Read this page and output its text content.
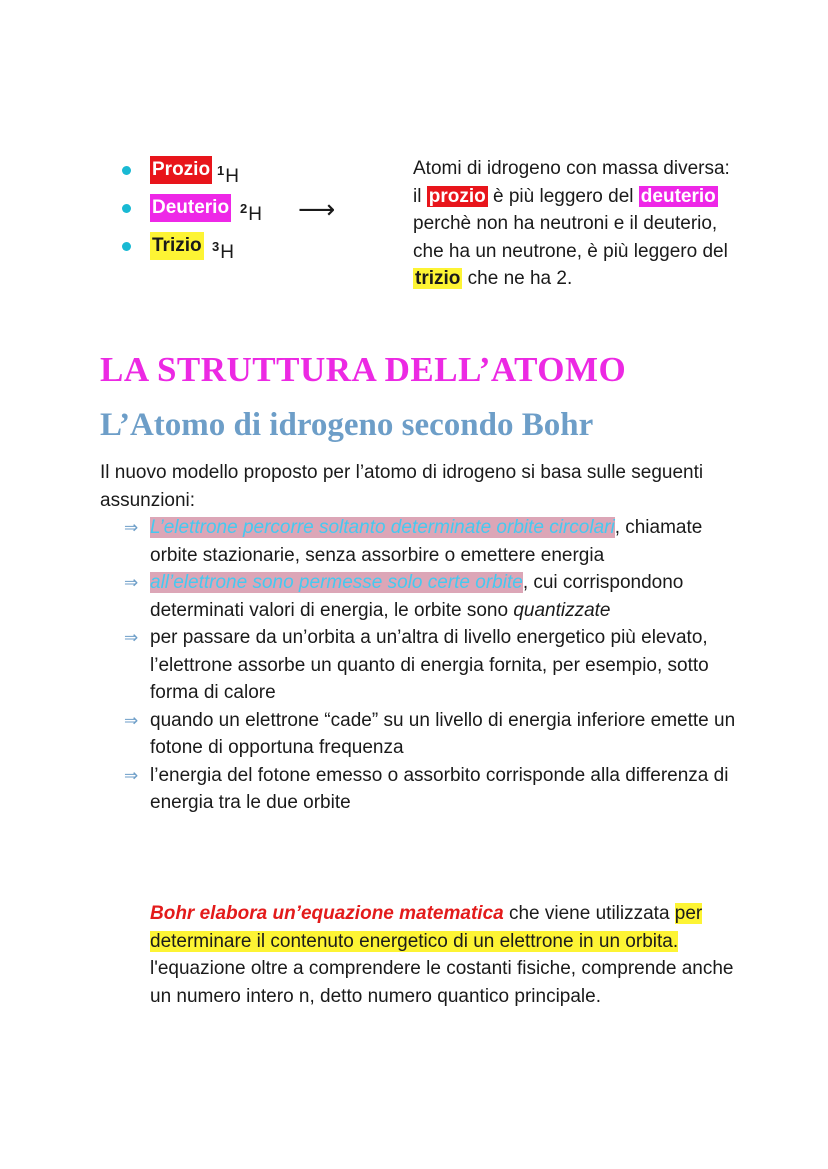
Prozio $^1$H
Deuterio $^2$H
Trizio $^3$H
⟶
Atomi di idrogeno con massa diversa: il prozio è più leggero del deuterio perchè non ha neutroni e il deuterio, che ha un neutrone, è più leggero del trizio che ne ha 2.
LA STRUTTURA DELL’ATOMO
L’Atomo di idrogeno secondo Bohr
Il nuovo modello proposto per l’atomo di idrogeno si basa sulle seguenti assunzioni:
⇒ L’elettrone percorre soltanto determinate orbite circolari, chiamate orbite stazionarie, senza assorbire o emettere energia
⇒ all’elettrone sono permesse solo certe orbite, cui corrispondono determinati valori di energia, le orbite sono quantizzate
⇒ per passare da un’orbita a un’altra di livello energetico più elevato, l’elettrone assorbe un quanto di energia fornita, per esempio, sotto forma di calore
⇒ quando un elettrone “cade” su un livello di energia inferiore emette un fotone di opportuna frequenza
⇒ l’energia del fotone emesso o assorbito corrisponde alla differenza di energia tra le due orbite
Bohr elabora un’equazione matematica che viene utilizzata per determinare il contenuto energetico di un elettrone in un orbita.
l'equazione oltre a comprendere le costanti fisiche, comprende anche un numero intero n, detto numero quantico principale.
